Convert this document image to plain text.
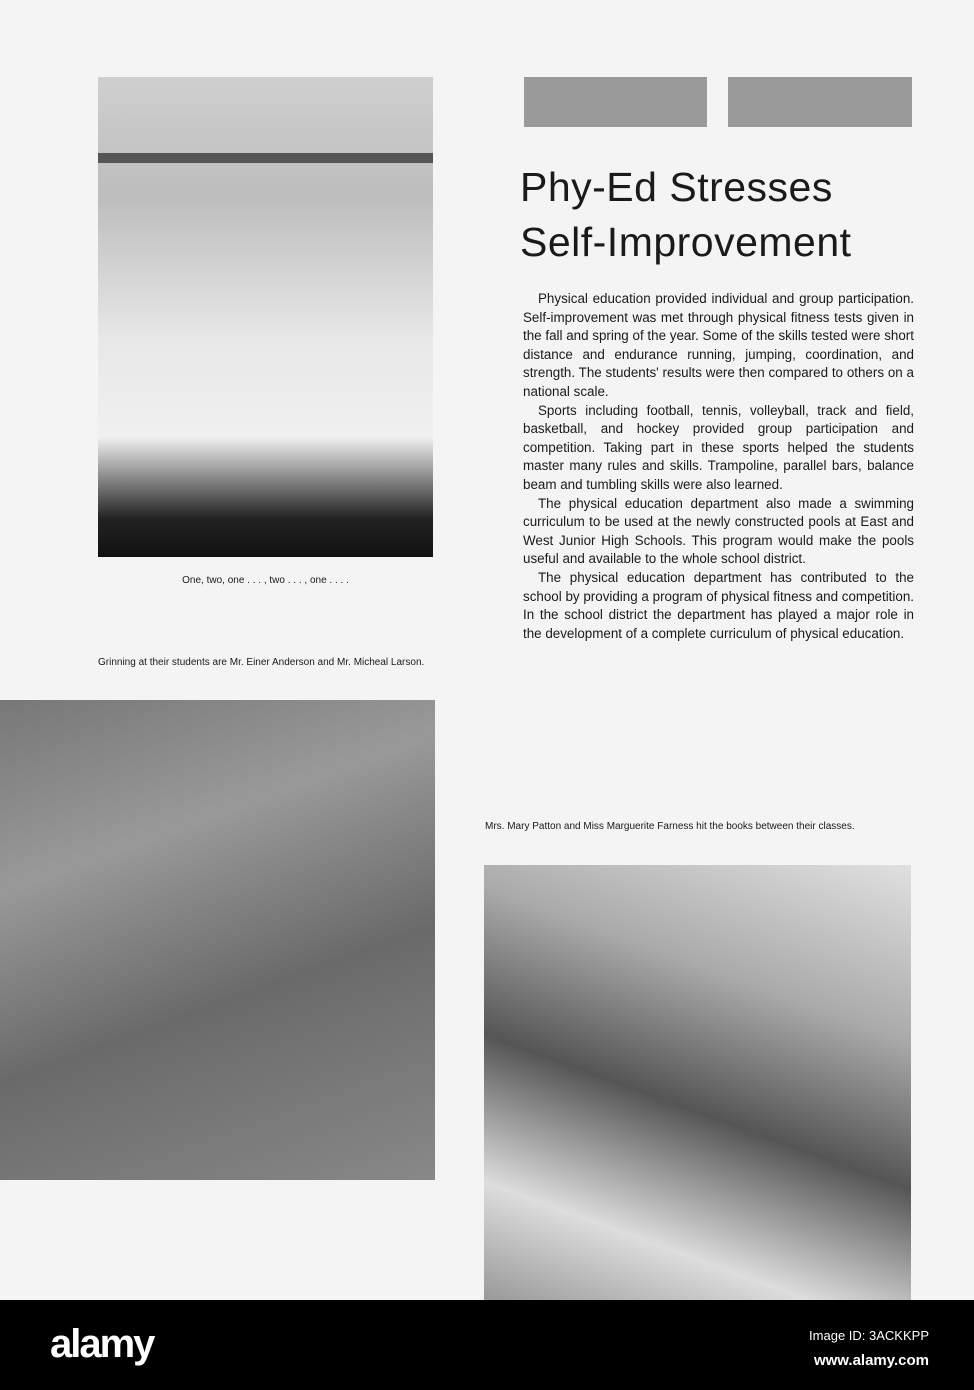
One, two, one . . . , two . . . , one . . . .
Grinning at their students are Mr. Einer Anderson and Mr. Micheal Larson.
Phy-Ed Stresses
Self-Improvement

Physical education provided individual and group participation. Self-improvement was met through physical fitness tests given in the fall and spring of the year. Some of the skills tested were short distance and endurance running, jumping, coordination, and strength. The students' results were then compared to others on a national scale.

Sports including football, tennis, volleyball, track and field, basketball, and hockey provided group participation and competition. Taking part in these sports helped the students master many rules and skills. Trampoline, parallel bars, balance beam and tumbling skills were also learned.

The physical education department also made a swimming curriculum to be used at the newly constructed pools at East and West Junior High Schools. This program would make the pools useful and available to the whole school district.

The physical education department has contributed to the school by providing a program of physical fitness and competition. In the school district the department has played a major role in the development of a complete curriculum of physical education.

Mrs. Mary Patton and Miss Marguerite Farness hit the books between their classes.
alamy	Image ID: 3ACKKPP
www.alamy.com
